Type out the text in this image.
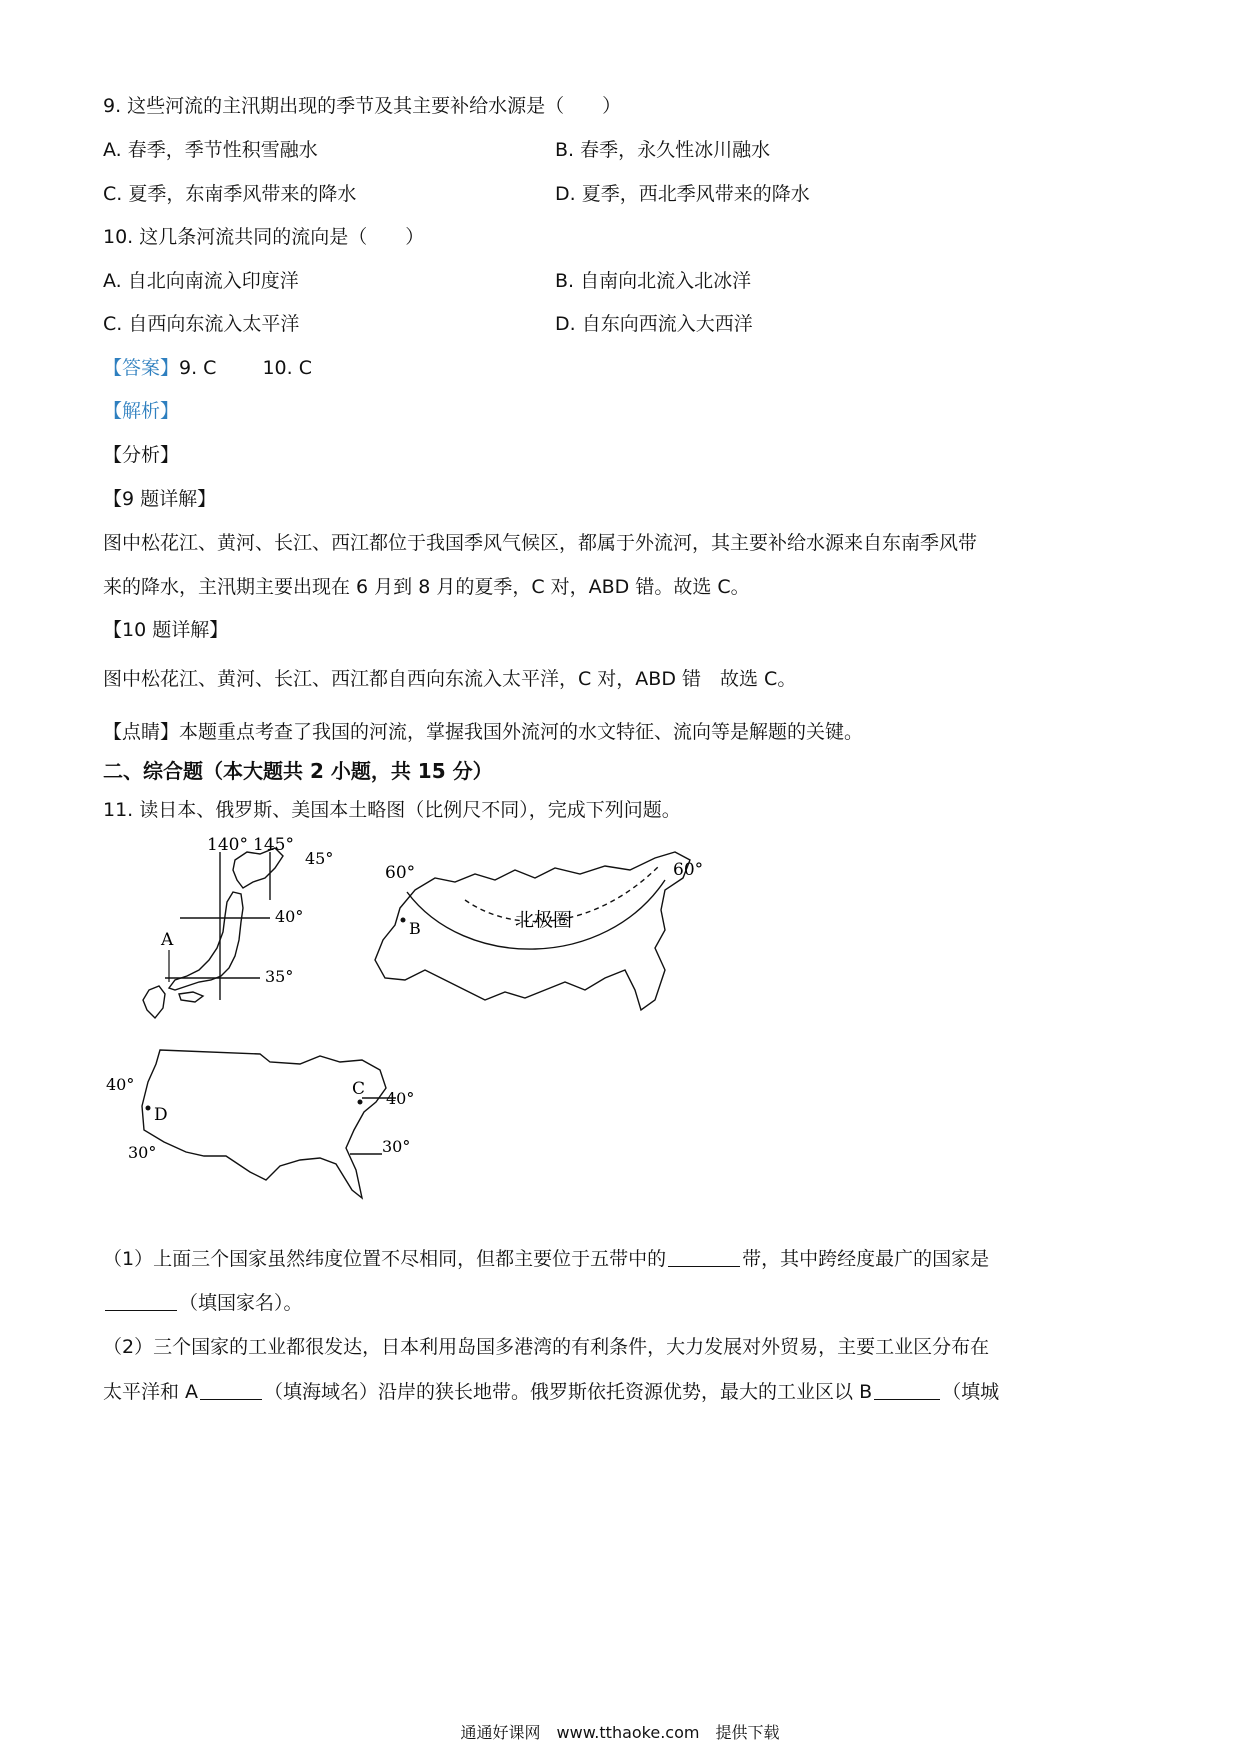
9. 这些河流的主汛期出现的季节及其主要补给水源是（　　）
A. 春季，季节性积雪融水	B. 春季，永久性冰川融水
C. 夏季，东南季风带来的降水	D. 夏季，西北季风带来的降水
10. 这几条河流共同的流向是（　　）
A. 自北向南流入印度洋	B. 自南向北流入北冰洋
C. 自西向东流入太平洋	D. 自东向西流入大西洋
【答案】9. C 10. C
【解析】
【分析】
【9 题详解】
图中松花江、黄河、长江、西江都位于我国季风气候区，都属于外流河，其主要补给水源来自东南季风带
来的降水，主汛期主要出现在 6 月到 8 月的夏季，C 对，ABD 错。故选 C。
【10 题详解】
图中松花江、黄河、长江、西江都自西向东流入太平洋，C 对，ABD 错　故选 C。
【点睛】本题重点考查了我国的河流，掌握我国外流河的水文特征、流向等是解题的关键。
二、综合题（本大题共 2 小题，共 15 分）
11. 读日本、俄罗斯、美国本土略图（比例尺不同），完成下列问题。
140° 145°
45°
40°
35°
A
60°	60°
北极圈
B
40°
40°
30°	30°
C
D
（1）上面三个国家虽然纬度位置不尽相同，但都主要位于五带中的	带，其中跨经度最广的国家是
（填国家名）。
（2）三个国家的工业都很发达，日本利用岛国多港湾的有利条件，大力发展对外贸易，主要工业区分布在
太平洋和 A	（填海域名）沿岸的狭长地带。俄罗斯依托资源优势，最大的工业区以 B	（填城
通通好课网　www.tthaoke.com　提供下载
